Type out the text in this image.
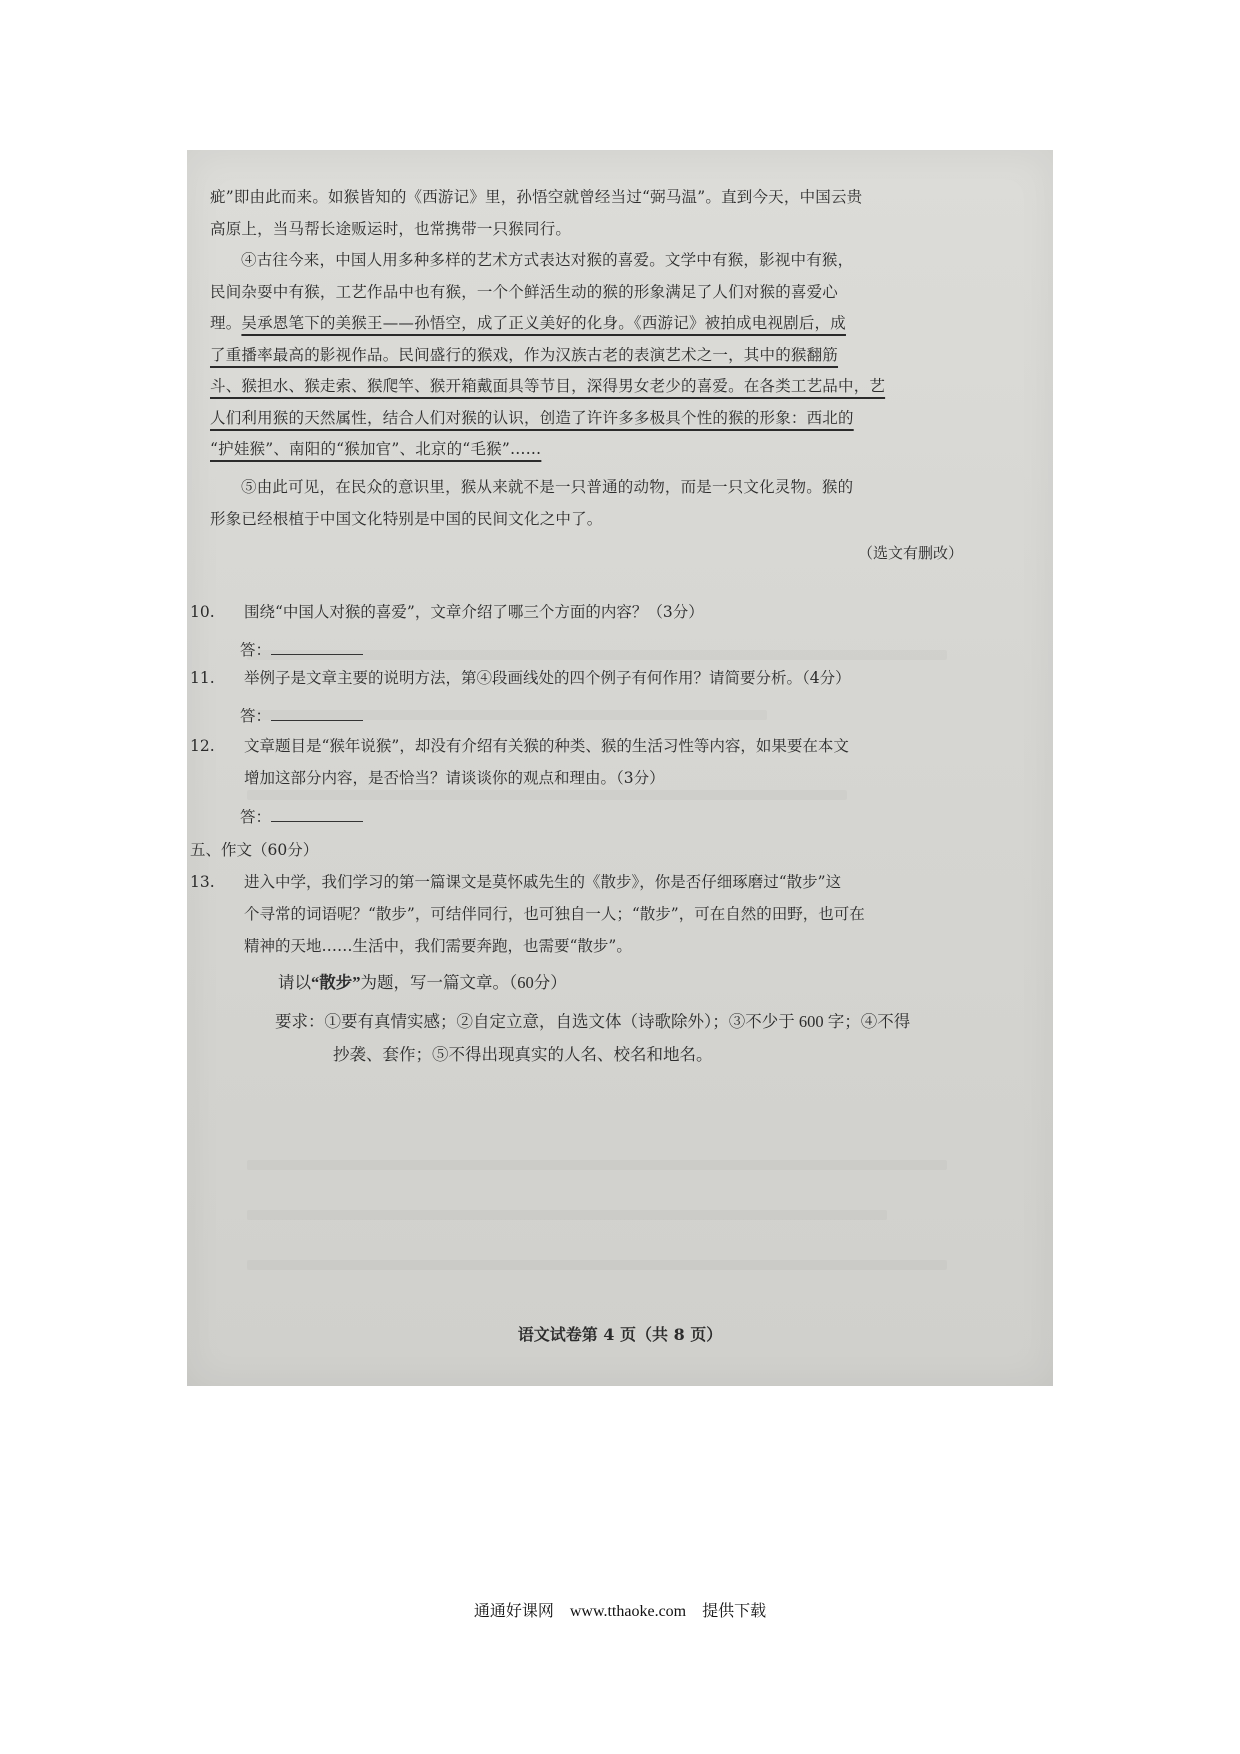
疵”即由此而来。如猴皆知的《西游记》里，孙悟空就曾经当过“弼马温”。直到今天，中国云贵
高原上，当马帮长途贩运时，也常携带一只猴同行。
④古往今来，中国人用多种多样的艺术方式表达对猴的喜爱。文学中有猴，影视中有猴，
民间杂耍中有猴，工艺作品中也有猴，一个个鲜活生动的猴的形象满足了人们对猴的喜爱心
理。吴承恩笔下的美猴王——孙悟空，成了正义美好的化身。《西游记》被拍成电视剧后，成
了重播率最高的影视作品。民间盛行的猴戏，作为汉族古老的表演艺术之一，其中的猴翻筋
斗、猴担水、猴走索、猴爬竿、猴开箱戴面具等节目，深得男女老少的喜爱。在各类工艺品中，艺
人们利用猴的天然属性，结合人们对猴的认识，创造了许许多多极具个性的猴的形象：西北的
“护娃猴”、南阳的“猴加官”、北京的“毛猴”……
⑤由此可见，在民众的意识里，猴从来就不是一只普通的动物，而是一只文化灵物。猴的
形象已经根植于中国文化特别是中国的民间文化之中了。
（选文有删改）
10. 围绕“中国人对猴的喜爱”，文章介绍了哪三个方面的内容？（3分）
答：
11. 举例子是文章主要的说明方法，第④段画线处的四个例子有何作用？请简要分析。（4分）
答：
12. 文章题目是“猴年说猴”，却没有介绍有关猴的种类、猴的生活习性等内容，如果要在本文
增加这部分内容，是否恰当？请谈谈你的观点和理由。（3分）
答：
五、作文（60分）
13. 进入中学，我们学习的第一篇课文是莫怀戚先生的《散步》，你是否仔细琢磨过“散步”这
个寻常的词语呢？“散步”，可结伴同行，也可独自一人；“散步”，可在自然的田野，也可在
精神的天地……生活中，我们需要奔跑，也需要“散步”。
请以“散步”为题，写一篇文章。（60分）
要求：①要有真情实感；②自定立意，自选文体（诗歌除外）；③不少于 600 字；④不得
抄袭、套作；⑤不得出现真实的人名、校名和地名。
语文试卷第 4 页（共 8 页）
通通好课网　www.tthaoke.com　提供下载
